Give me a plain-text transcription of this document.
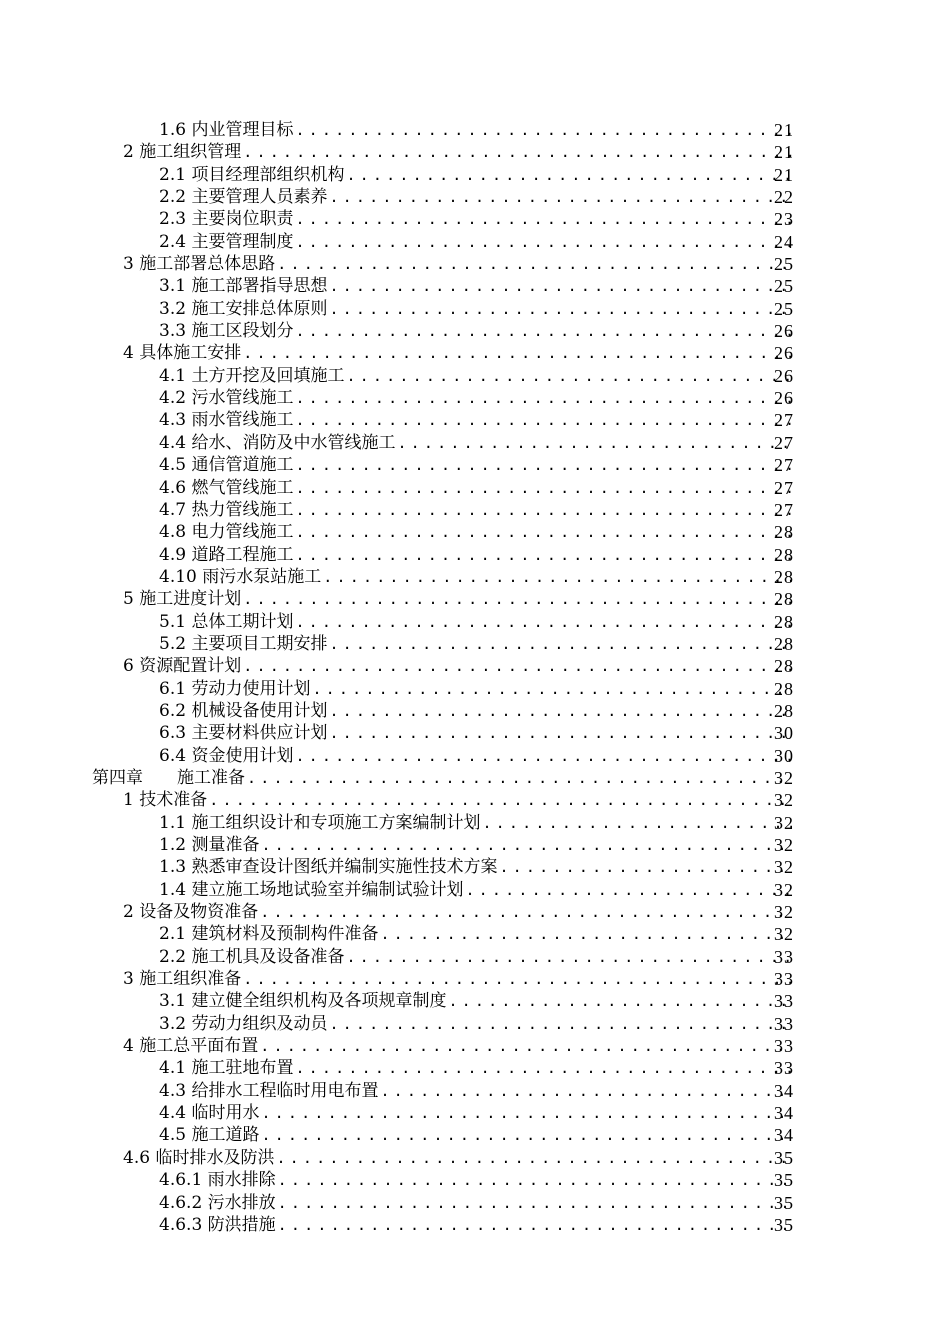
1.6 内业管理目标 .....	21
2 施工组织管理 .....	21
2.1 项目经理部组织机构 .....	21
2.2 主要管理人员素养 .....	22
2.3 主要岗位职责 .....	23
2.4 主要管理制度 .....	24
3 施工部署总体思路 .....	25
3.1 施工部署指导思想 .....	25
3.2 施工安排总体原则 .....	25
3.3 施工区段划分 .....	26
4 具体施工安排 .....	26
4.1 土方开挖及回填施工 .....	26
4.2 污水管线施工 .....	26
4.3 雨水管线施工 .....	27
4.4 给水、消防及中水管线施工 .....	27
4.5 通信管道施工 .....	27
4.6 燃气管线施工 .....	27
4.7 热力管线施工 .....	27
4.8 电力管线施工 .....	28
4.9 道路工程施工 .....	28
4.10 雨污水泵站施工 .....	28
5 施工进度计划 .....	28
5.1 总体工期计划 .....	28
5.2 主要项目工期安排 .....	28
6 资源配置计划 .....	28
6.1 劳动力使用计划 .....	28
6.2 机械设备使用计划 .....	28
6.3 主要材料供应计划 .....	30
6.4 资金使用计划 .....	30
第四章　　施工准备 .....	32
1 技术准备 .....	32
1.1 施工组织设计和专项施工方案编制计划 .....	32
1.2 测量准备 .....	32
1.3 熟悉审查设计图纸并编制实施性技术方案 .....	32
1.4 建立施工场地试验室并编制试验计划 .....	32
2 设备及物资准备 .....	32
2.1 建筑材料及预制构件准备 .....	32
2.2 施工机具及设备准备 .....	33
3 施工组织准备 .....	33
3.1 建立健全组织机构及各项规章制度 .....	33
3.2 劳动力组织及动员 .....	33
4 施工总平面布置 .....	33
4.1 施工驻地布置 .....	33
4.3 给排水工程临时用电布置 .....	34
4.4 临时用水 .....	34
4.5 施工道路 .....	34
4.6 临时排水及防洪 .....	35
4.6.1 雨水排除 .....	35
4.6.2 污水排放 .....	35
4.6.3 防洪措施 .....	35
